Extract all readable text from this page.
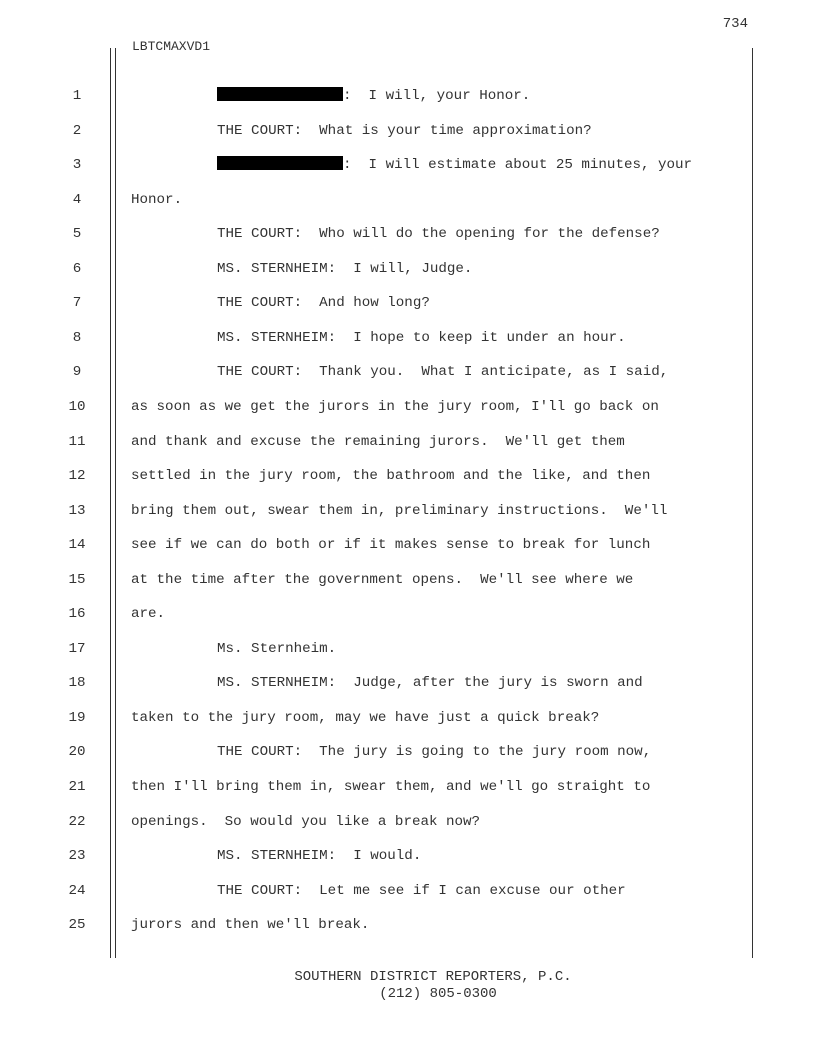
734
LBTCMAXVD1
1	:  I will, your Honor.
2	THE COURT:  What is your time approximation?
3	:  I will estimate about 25 minutes, your
4	Honor.
5	THE COURT:  Who will do the opening for the defense?
6	MS. STERNHEIM:  I will, Judge.
7	THE COURT:  And how long?
8	MS. STERNHEIM:  I hope to keep it under an hour.
9	THE COURT:  Thank you.  What I anticipate, as I said,
10	as soon as we get the jurors in the jury room, I'll go back on
11	and thank and excuse the remaining jurors.  We'll get them
12	settled in the jury room, the bathroom and the like, and then
13	bring them out, swear them in, preliminary instructions.  We'll
14	see if we can do both or if it makes sense to break for lunch
15	at the time after the government opens.  We'll see where we
16	are.
17	Ms. Sternheim.
18	MS. STERNHEIM:  Judge, after the jury is sworn and
19	taken to the jury room, may we have just a quick break?
20	THE COURT:  The jury is going to the jury room now,
21	then I'll bring them in, swear them, and we'll go straight to
22	openings.  So would you like a break now?
23	MS. STERNHEIM:  I would.
24	THE COURT:  Let me see if I can excuse our other
25	jurors and then we'll break.
SOUTHERN DISTRICT REPORTERS, P.C.
(212) 805-0300
